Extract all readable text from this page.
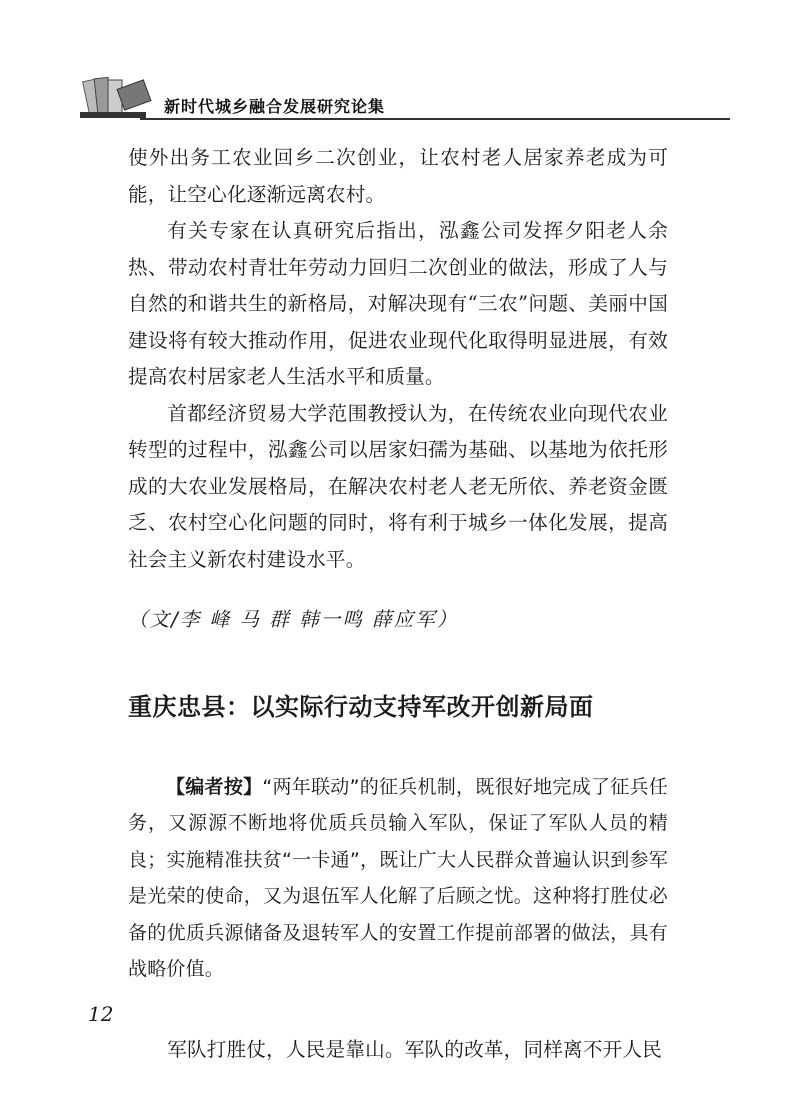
新时代城乡融合发展研究论集

使外出务工农业回乡二次创业，让农村老人居家养老成为可能，让空心化逐渐远离农村。

有关专家在认真研究后指出，泓鑫公司发挥夕阳老人余热、带动农村青壮年劳动力回归二次创业的做法，形成了人与自然的和谐共生的新格局，对解决现有“三农”问题、美丽中国建设将有较大推动作用，促进农业现代化取得明显进展，有效提高农村居家老人生活水平和质量。

首都经济贸易大学范围教授认为，在传统农业向现代农业转型的过程中，泓鑫公司以居家妇孺为基础、以基地为依托形成的大农业发展格局，在解决农村老人老无所依、养老资金匮乏、农村空心化问题的同时，将有利于城乡一体化发展，提高社会主义新农村建设水平。

（文/李 峰 马 群 韩一鸣 薛应军）

重庆忠县：以实际行动支持军改开创新局面

【编者按】“两年联动”的征兵机制，既很好地完成了征兵任务，又源源不断地将优质兵员输入军队，保证了军队人员的精良；实施精准扶贫“一卡通”，既让广大人民群众普遍认识到参军是光荣的使命，又为退伍军人化解了后顾之忧。这种将打胜仗必备的优质兵源储备及退转军人的安置工作提前部署的做法，具有战略价值。

军队打胜仗，人民是靠山。军队的改革，同样离不开人民

12
